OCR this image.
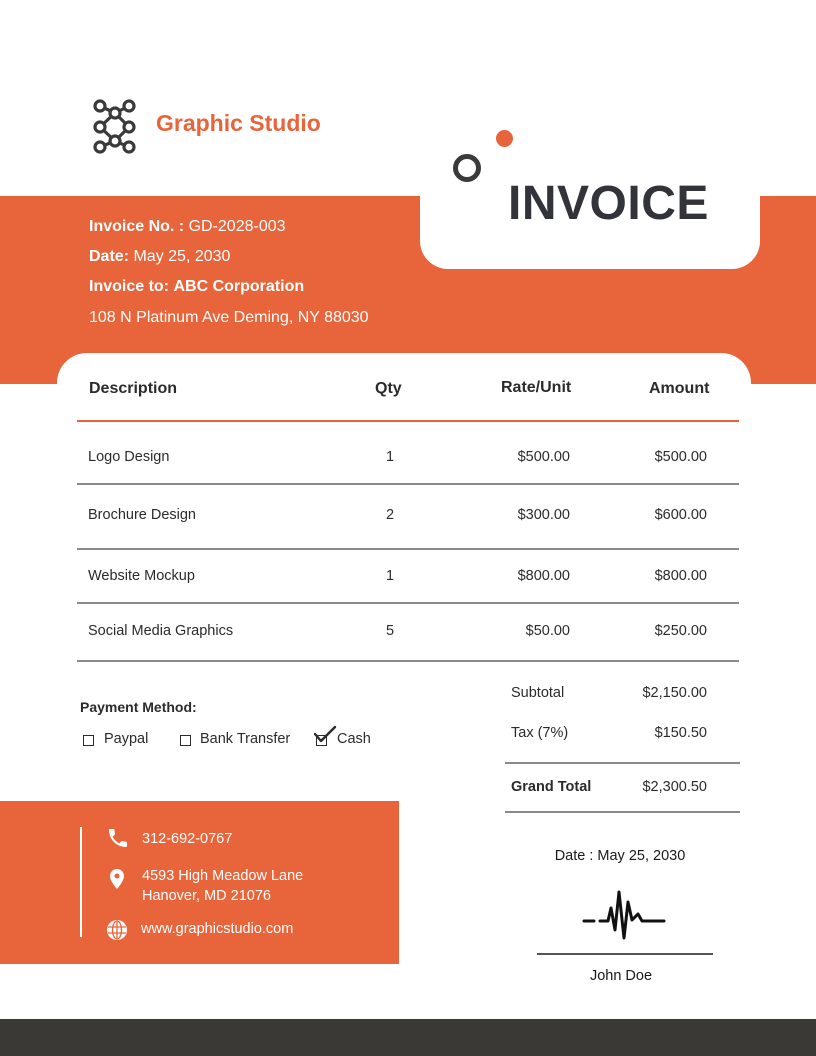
Graphic Studio
INVOICE
Invoice No. : GD-2028-003
Date: May 25, 2030
Invoice to: ABC Corporation
108 N Platinum Ave Deming, NY 88030
Description	Qty	Rate/Unit	Amount
Logo Design	1	$500.00	$500.00
Brochure Design	2	$300.00	$600.00
Website Mockup	1	$800.00	$800.00
Social Media Graphics	5	$50.00	$250.00
Payment Method:
Paypal	Bank Transfer	Cash
Subtotal	$2,150.00
Tax (7%)	$150.50
Grand Total	$2,300.50
312-692-0767
4593 High Meadow Lane
Hanover, MD 21076
www.graphicstudio.com
Date : May 25, 2030
John Doe
